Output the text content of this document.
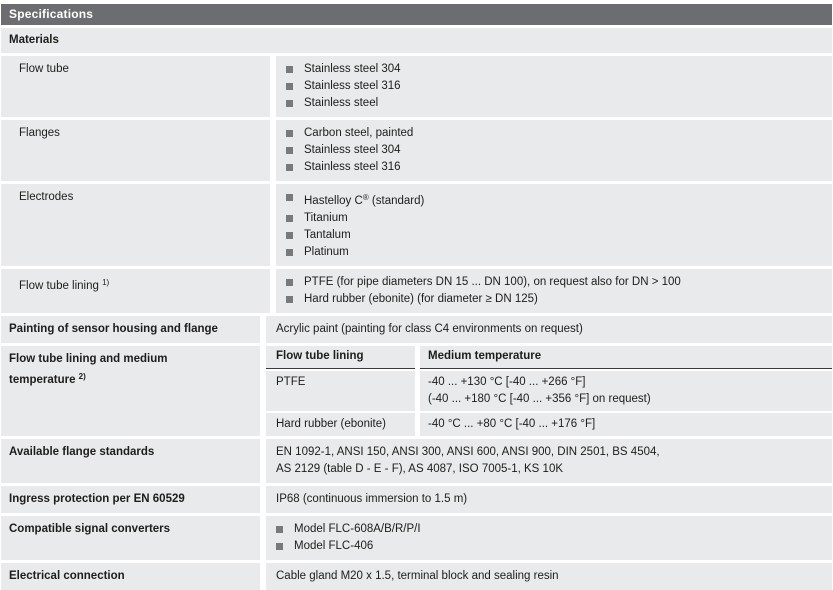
Specifications
Materials
Flow tube	Stainless steel 304
Stainless steel 316
Stainless steel
Flanges	Carbon steel, painted
Stainless steel 304
Stainless steel 316
Electrodes	Hastelloy C® (standard)
Titanium
Tantalum
Platinum
Flow tube lining $^{1)}$	PTFE (for pipe diameters DN 15 ... DN 100), on request also for DN > 100
Hard rubber (ebonite) (for diameter ≥ DN 125)
Painting of sensor housing and flange	Acrylic paint (painting for class C4 environments on request)
Flow tube lining and medium
temperature $^{2)}$
Flow tube lining	Medium temperature
PTFE	-40 ... +130 °C [-40 ... +266 °F]
(-40 ... +180 °C [-40 ... +356 °F] on request)
Hard rubber (ebonite)	-40 °C ... +80 °C [-40 ... +176 °F]
Available flange standards	EN 1092-1, ANSI 150, ANSI 300, ANSI 600, ANSI 900, DIN 2501, BS 4504,
AS 2129 (table D - E - F), AS 4087, ISO 7005-1, KS 10K
Ingress protection per EN 60529	IP68 (continuous immersion to 1.5 m)
Compatible signal converters	Model FLC-608A/B/R/P/I
Model FLC-406
Electrical connection	Cable gland M20 x 1.5, terminal block and sealing resin
